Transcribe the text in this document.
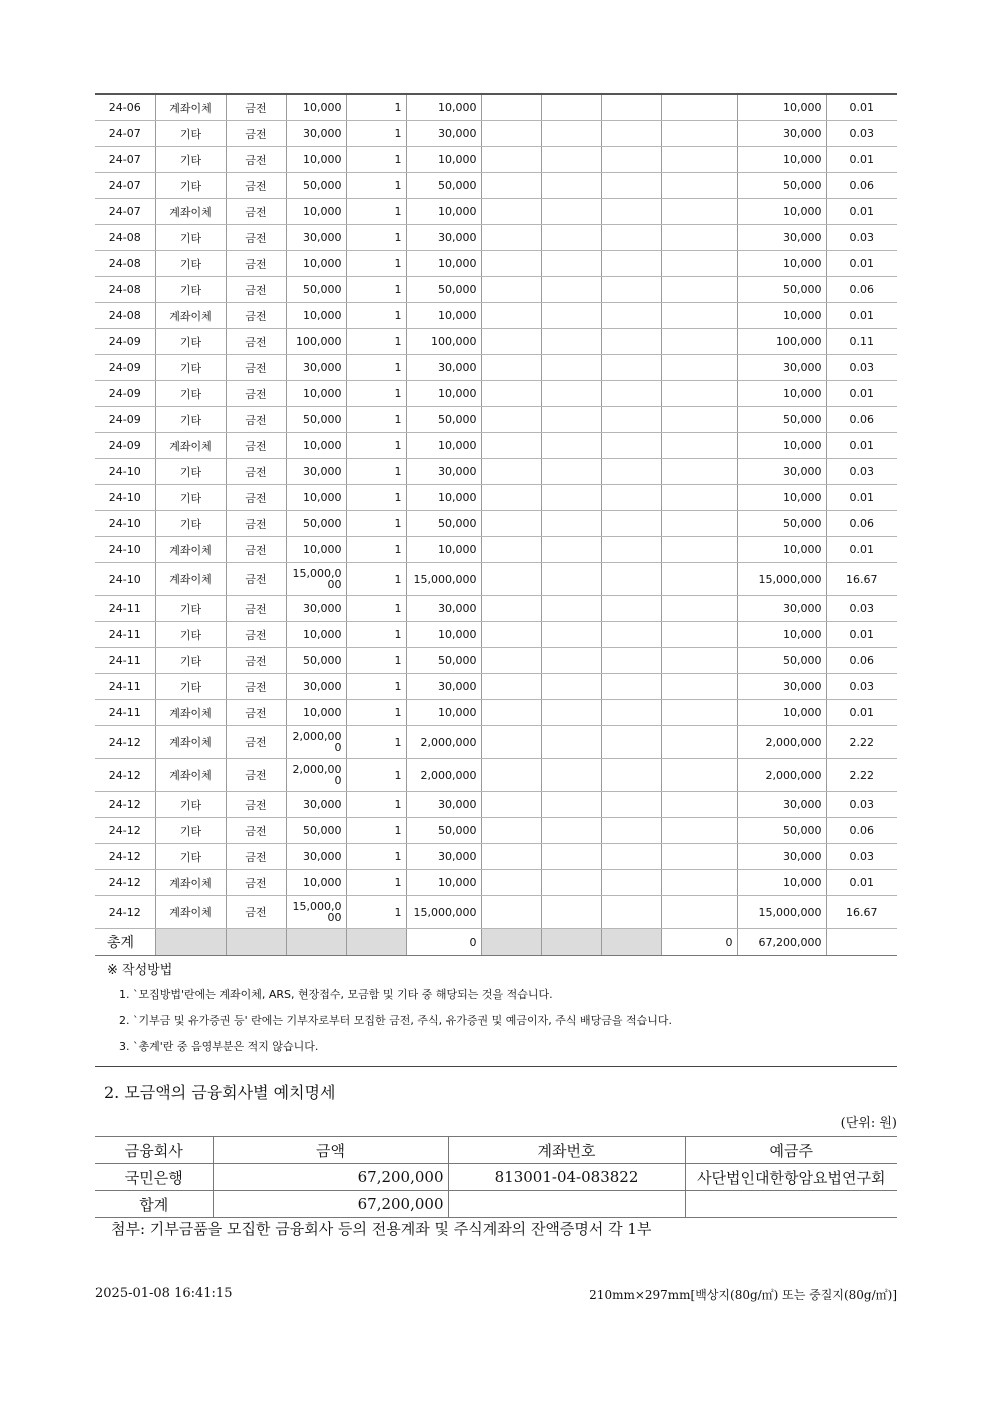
24-06	계좌이체	금전	10,000	1	10,000					10,000	0.01
24-07	기타	금전	30,000	1	30,000					30,000	0.03
24-07	기타	금전	10,000	1	10,000					10,000	0.01
24-07	기타	금전	50,000	1	50,000					50,000	0.06
24-07	계좌이체	금전	10,000	1	10,000					10,000	0.01
24-08	기타	금전	30,000	1	30,000					30,000	0.03
24-08	기타	금전	10,000	1	10,000					10,000	0.01
24-08	기타	금전	50,000	1	50,000					50,000	0.06
24-08	계좌이체	금전	10,000	1	10,000					10,000	0.01
24-09	기타	금전	100,000	1	100,000					100,000	0.11
24-09	기타	금전	30,000	1	30,000					30,000	0.03
24-09	기타	금전	10,000	1	10,000					10,000	0.01
24-09	기타	금전	50,000	1	50,000					50,000	0.06
24-09	계좌이체	금전	10,000	1	10,000					10,000	0.01
24-10	기타	금전	30,000	1	30,000					30,000	0.03
24-10	기타	금전	10,000	1	10,000					10,000	0.01
24-10	기타	금전	50,000	1	50,000					50,000	0.06
24-10	계좌이체	금전	10,000	1	10,000					10,000	0.01
24-10	계좌이체	금전	15,000,000	1	15,000,000					15,000,000	16.67
24-11	기타	금전	30,000	1	30,000					30,000	0.03
24-11	기타	금전	10,000	1	10,000					10,000	0.01
24-11	기타	금전	50,000	1	50,000					50,000	0.06
24-11	기타	금전	30,000	1	30,000					30,000	0.03
24-11	계좌이체	금전	10,000	1	10,000					10,000	0.01
24-12	계좌이체	금전	2,000,000	1	2,000,000					2,000,000	2.22
24-12	계좌이체	금전	2,000,000	1	2,000,000					2,000,000	2.22
24-12	기타	금전	30,000	1	30,000					30,000	0.03
24-12	기타	금전	50,000	1	50,000					50,000	0.06
24-12	기타	금전	30,000	1	30,000					30,000	0.03
24-12	계좌이체	금전	10,000	1	10,000					10,000	0.01
24-12	계좌이체	금전	15,000,000	1	15,000,000					15,000,000	16.67
총계					0				0	67,200,000	
※ 작성방법
1. `모집방법'란에는 계좌이체, ARS, 현장접수, 모금함 및 기타 중 해당되는 것을 적습니다.
2. `기부금 및 유가증권 등' 란에는 기부자로부터 모집한 금전, 주식, 유가증권 및 예금이자, 주식 배당금을 적습니다.
3. `총계'란 중 음영부분은 적지 않습니다.
2. 모금액의 금융회사별 예치명세
(단위: 원)
금융회사	금액	계좌번호	예금주
국민은행	67,200,000	813001-04-083822	사단법인대한항암요법연구회
합계	67,200,000		
첨부: 기부금품을 모집한 금융회사 등의 전용계좌 및 주식계좌의 잔액증명서 각 1부
2025-01-08 16:41:15	210mm×297mm[백상지(80g/㎡) 또는 중질지(80g/㎡)]
